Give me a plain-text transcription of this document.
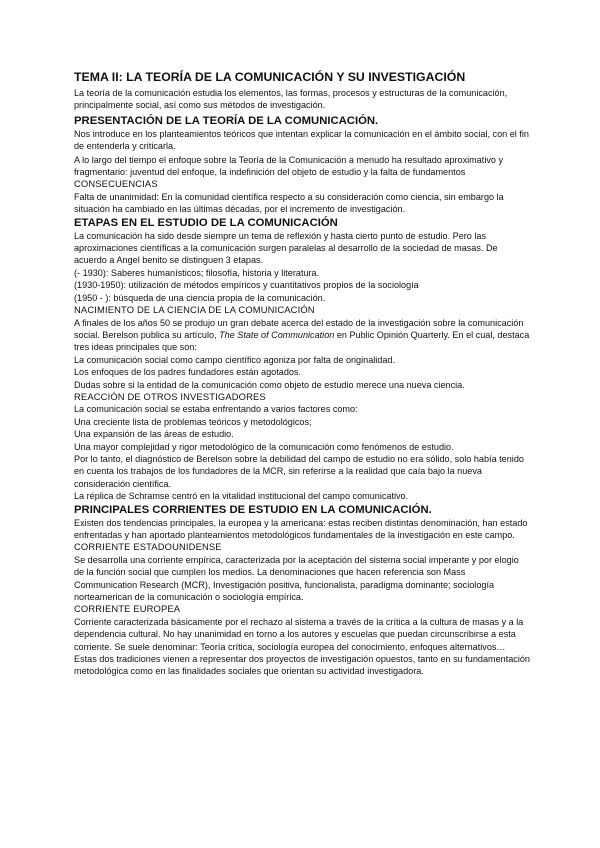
TEMA II: LA TEORÍA DE LA COMUNICACIÓN Y SU INVESTIGACIÓN

La teoría de la comunicación estudia los elementos, las formas, procesos y estructuras de la comunicación, principalmente social, así como sus métodos de investigación.

PRESENTACIÓN DE LA TEORÍA DE LA COMUNICACIÓN.

Nos introduce en los planteamientos teóricos que intentan explicar la comunicación en el ámbito social, con el fin de entenderla y criticarla.

A lo largo del tiempo el enfoque sobre la Teoría de la Comunicación a menudo ha resultado aproximativo y fragmentario: juventud del enfoque, la indefinición del objeto de estudio y la falta de fundamentos

CONSECUENCIAS

Falta de unanimidad: En la comunidad científica respecto a su consideración como ciencia, sin embargo la situación ha cambiado en las últimas décadas, por el incremento de investigación.

ETAPAS EN EL ESTUDIO DE LA COMUNICACIÓN

La comunicación ha sido desde siempre un tema de reflexión y hasta cierto punto de estudio. Pero las aproximaciones científicas a la comunicación surgen paralelas al desarrollo de la sociedad de masas. De acuerdo a Angel benito se distinguen 3 etapas.

(- 1930): Saberes humanísticos; filosofía, historia y literatura.

(1930-1950): utilización de métodos empíricos y cuantitativos propios de la sociología

(1950 - ): búsqueda de una ciencia propia de la comunicación.

NACIMIENTO DE LA CIENCIA DE LA COMUNICACIÓN

A finales de los años 50 se produjo un gran debate acerca del estado de la investigación sobre la comunicación social. Berelson publica su artículo, The State of Communication en Public Opinión Quarterly. En el cual, destaca tres ideas principales que son:

La comunicación social como campo científico agoniza por falta de originalidad.

Los enfoques de los padres fundadores están agotados.

Dudas sobre si la entidad de la comunicación como objeto de estudio merece una nueva ciencia.

REACCIÓN DE OTROS INVESTIGADORES

La comunicación social se estaba enfrentando a varios factores como:

Una creciente lista de problemas teóricos y metodológicos;

Una expansión de las áreas de estudio.

Una mayor complejidad y rigor metodológico de la comunicación como fenómenos de estudio.

Por lo tanto, el diagnóstico de Berelson sobre la debilidad del campo de estudio no era sólido, solo había tenido en cuenta los trabajos de los fundadores de la MCR, sin referirse a la realidad que caía bajo la nueva consideración científica.

La réplica de Schramse centró en la vitalidad institucional del campo comunicativo.

PRINCIPALES CORRIENTES DE ESTUDIO EN LA COMUNICACIÓN.

Existen dos tendencias principales, la europea y la americana: estas reciben distintas denominación, han estado enfrentadas y han aportado planteamientos metodológicos fundamentales de la investigación en este campo.

CORRIENTE ESTADOUNIDENSE

Se desarrolla una corriente empírica, caracterizada por la aceptación del sistema social imperante y por elogio de la función social que cumplen los medios. La denominaciones que hacen referencia son Mass Communication Research (MCR), Investigación positiva, funcionalista, paradigma dominante; sociología norteamerican de la comunicación o sociología empírica.

CORRIENTE EUROPEA

Corriente caracterizada básicamente por el rechazo al sistema a través de la crítica a la cultura de masas y a la dependencia cultural. No hay unanimidad en torno a los autores y escuelas que puedan circunscribirse a esta corriente. Se suele denominar: Teoría crítica, sociología europea del conocimiento, enfoques alternativos…

Estas dos tradiciones vienen a representar dos proyectos de investigación opuestos, tanto en su fundamentación metodológica como en las finalidades sociales que orientan su actividad investigadora.
